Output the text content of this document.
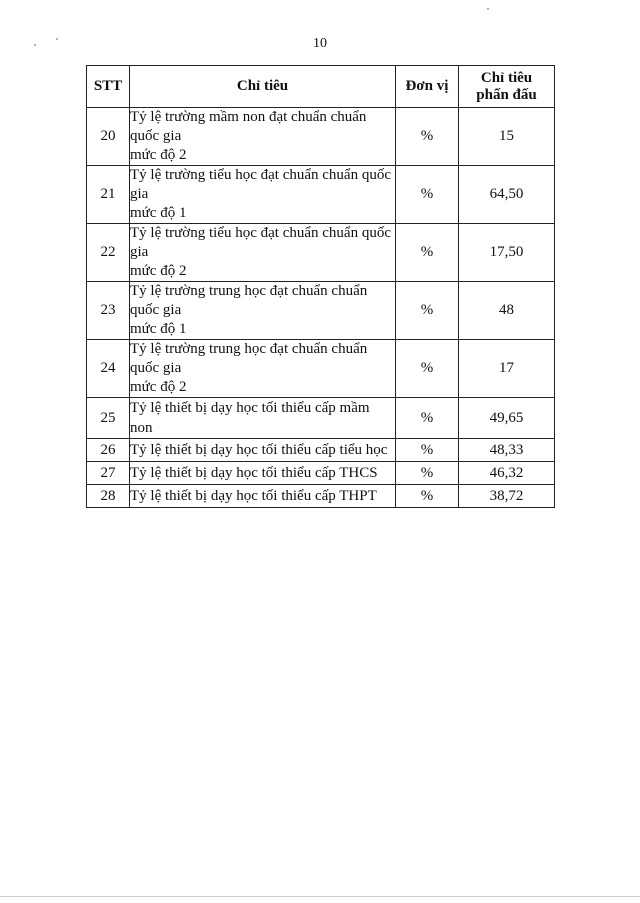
10
STT	Chỉ tiêu	Đơn vị	Chỉ tiêu
phấn đấu

20	Tỷ lệ trường mầm non đạt chuẩn chuẩn quốc gia
mức độ 2	%	15
21	Tỷ lệ trường tiểu học đạt chuẩn chuẩn quốc gia
mức độ 1	%	64,50
22	Tỷ lệ trường tiểu học đạt chuẩn chuẩn quốc gia
mức độ 2	%	17,50
23	Tỷ lệ trường trung học đạt chuẩn chuẩn quốc gia
mức độ 1	%	48
24	Tỷ lệ trường trung học đạt chuẩn chuẩn quốc gia
mức độ 2	%	17
25	Tỷ lệ thiết bị dạy học tối thiểu cấp mầm non	%	49,65
26	Tỷ lệ thiết bị dạy học tối thiểu cấp tiểu học	%	48,33
27	Tỷ lệ thiết bị dạy học tối thiểu cấp THCS	%	46,32
28	Tỷ lệ thiết bị dạy học tối thiểu cấp THPT	%	38,72
